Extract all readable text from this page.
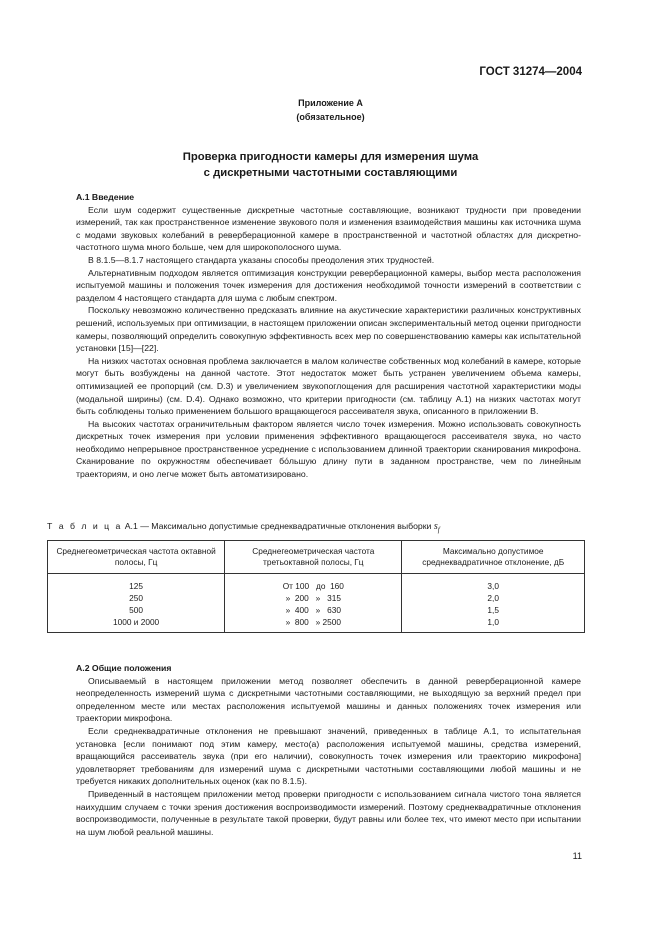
ГОСТ 31274—2004
Приложение А
(обязательное)
Проверка пригодности камеры для измерения шума
с дискретными частотными составляющими
А.1 Введение

Если шум содержит существенные дискретные частотные составляющие, возникают трудности при проведении измерений, так как пространственное изменение звукового поля и изменения взаимодействия машины как источника шума с модами звуковых колебаний в реверберационной камере в пространственной и частотной областях для дискретно-частотного шума много больше, чем для широкополосного шума.

В 8.1.5—8.1.7 настоящего стандарта указаны способы преодоления этих трудностей.

Альтернативным подходом является оптимизация конструкции реверберационной камеры, выбор места расположения испытуемой машины и положения точек измерения для достижения необходимой точности измерений в соответствии с разделом 4 настоящего стандарта для шума с любым спектром.

Поскольку невозможно количественно предсказать влияние на акустические характеристики различных конструктивных решений, используемых при оптимизации, в настоящем приложении описан экспериментальный метод оценки пригодности камеры, позволяющий определить совокупную эффективность всех мер по совершенствованию камеры как испытательной установки [15]—[22].

На низких частотах основная проблема заключается в малом количестве собственных мод колебаний в камере, которые могут быть возбуждены на данной частоте. Этот недостаток может быть устранен увеличением объема камеры, оптимизацией ее пропорций (см. D.3) и увеличением звукопоглощения для расширения частотной характеристики моды (модальной ширины) (см. D.4). Однако возможно, что критерии пригодности (см. таблицу А.1) на низких частотах могут быть соблюдены только применением большого вращающегося рассеивателя звука, описанного в приложении В.

На высоких частотах ограничительным фактором является число точек измерения. Можно использовать совокупность дискретных точек измерения при условии применения эффективного вращающегося рассеивателя звука, но часто необходимо непрерывное пространственное усреднение с использованием длинной траектории сканирования микрофона. Сканирование по окружностям обеспечивает бо́льшую длину пути в заданном пространстве, чем по линейным траекториям, и оно легче может быть автоматизировано.

Т а б л и ц а А.1 — Максимально допустимые среднеквадратичные отклонения выборки $s_f$
Среднегеометрическая частота октавной полосы, Гц	Среднегеометрическая частота третьоктавной полосы, Гц	Максимально допустимое среднеквадратичное отклонение, дБ
125	От 100   до  160	3,0
250	»  200   »   315	2,0
500	»  400   »   630	1,5
1000 и 2000	»  800   » 2500	1,0
А.2 Общие положения

Описываемый в настоящем приложении метод позволяет обеспечить в данной реверберационной камере неопределенность измерений шума с дискретными частотными составляющими, не выходящую за верхний предел при определенном месте или местах расположения испытуемой машины и данных положениях точек измерения или траектории микрофона.

Если среднеквадратичные отклонения не превышают значений, приведенных в таблице А.1, то испытательная установка [если понимают под этим камеру, место(а) расположения испытуемой машины, средства измерений, вращающийся рассеиватель звука (при его наличии), совокупность точек измерения или траекторию микрофона] удовлетворяет требованиям для измерений шума с дискретными частотными составляющими любой машины и не требуется никаких дополнительных оценок (как по 8.1.5).

Приведенный в настоящем приложении метод проверки пригодности с использованием сигнала чистого тона является наихудшим случаем с точки зрения достижения воспроизводимости измерений. Поэтому среднеквадратичные отклонения воспроизводимости, полученные в результате такой проверки, будут равны или более тех, что имеют место при испытании на шум любой реальной машины.

11
